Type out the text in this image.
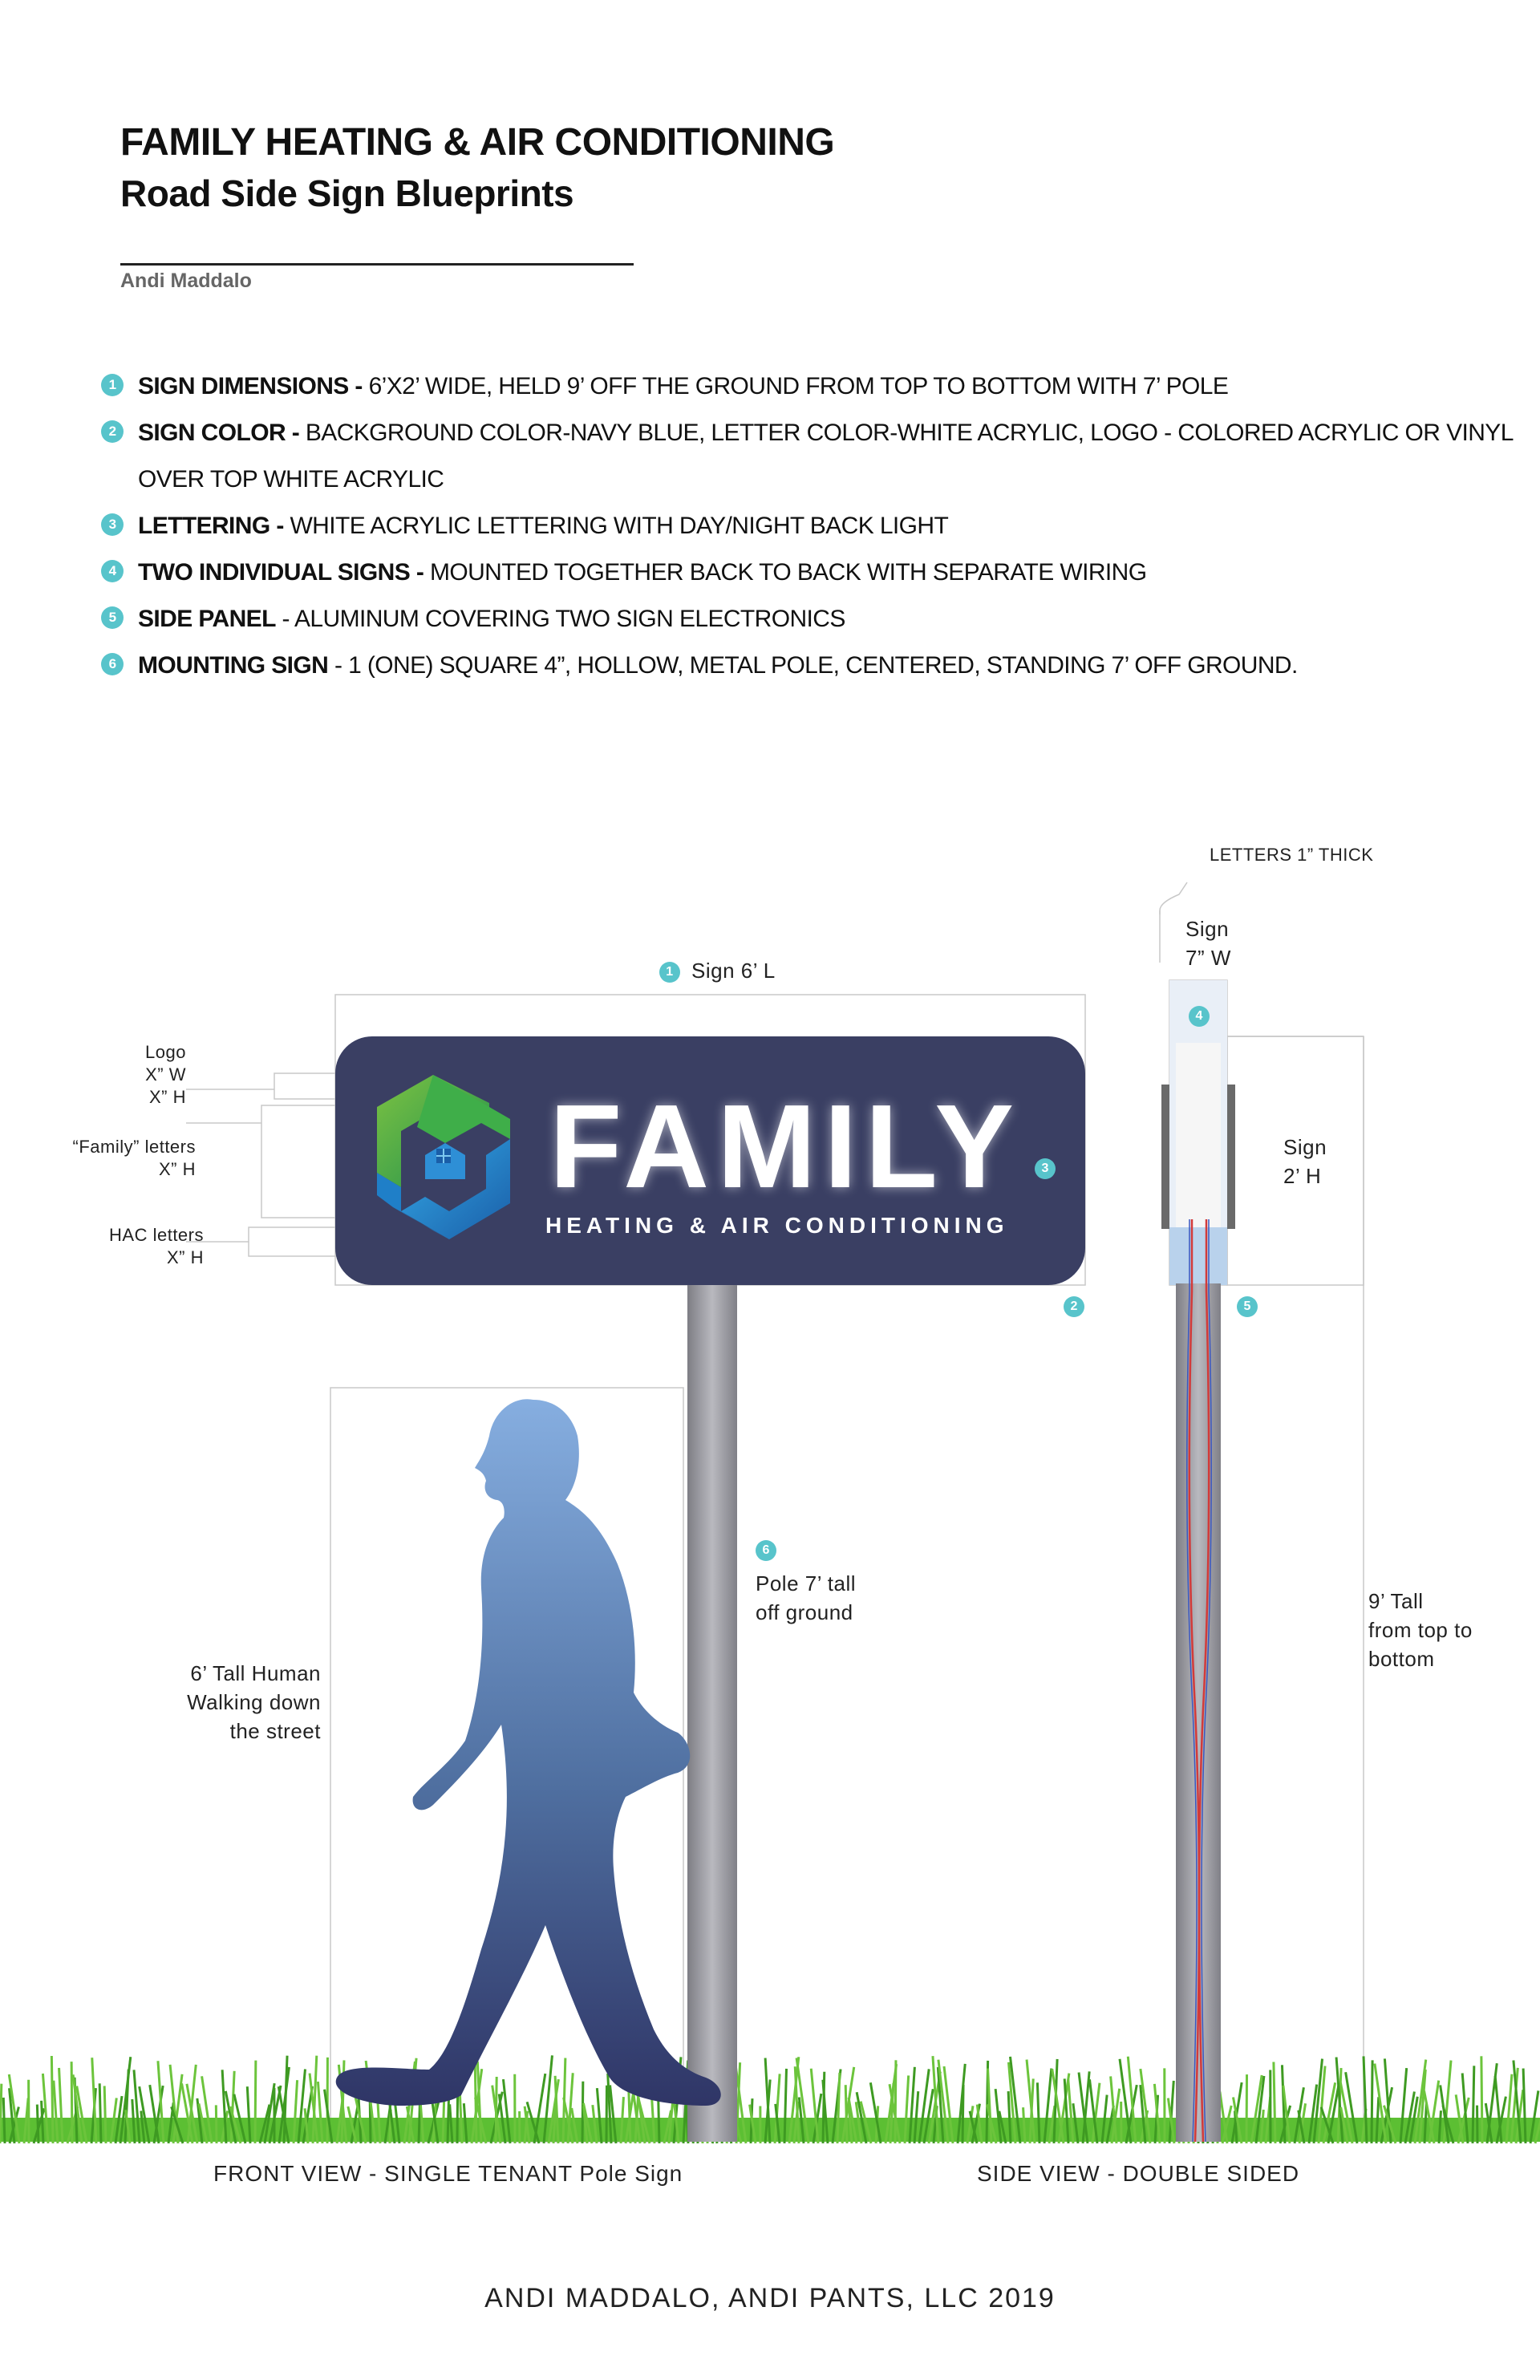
FAMILY HEATING & AIR CONDITIONING
Road Side Sign Blueprints
Andi Maddalo
1 SIGN DIMENSIONS - 6’X2’ WIDE, HELD 9’ OFF THE GROUND FROM TOP TO BOTTOM WITH 7’ POLE
2 SIGN COLOR - BACKGROUND COLOR-NAVY BLUE, LETTER COLOR-WHITE ACRYLIC, LOGO - COLORED ACRYLIC OR VINYL
OVER TOP WHITE ACRYLIC
3 LETTERING - WHITE ACRYLIC LETTERING WITH DAY/NIGHT BACK LIGHT
4 TWO INDIVIDUAL SIGNS - MOUNTED TOGETHER BACK TO BACK WITH SEPARATE WIRING
5 SIDE PANEL - ALUMINUM COVERING TWO SIGN ELECTRONICS
6 MOUNTING SIGN - 1 (ONE) SQUARE 4”, HOLLOW, METAL POLE, CENTERED, STANDING 7’ OFF GROUND.
FAMILY
HEATING & AIR CONDITIONING
1 Sign 6’ L
LETTERS 1” THICK
Sign
7” W
4
Sign
2’ H
3
2	5
Logo
X” W
X” H
“Family” letters
X” H
HAC letters
X” H
6
Pole 7’ tall
off ground
6’ Tall Human
Walking down
the street
9’ Tall
from top to
bottom
FRONT VIEW - SINGLE TENANT Pole Sign	SIDE VIEW - DOUBLE SIDED
ANDI MADDALO, ANDI PANTS, LLC 2019
